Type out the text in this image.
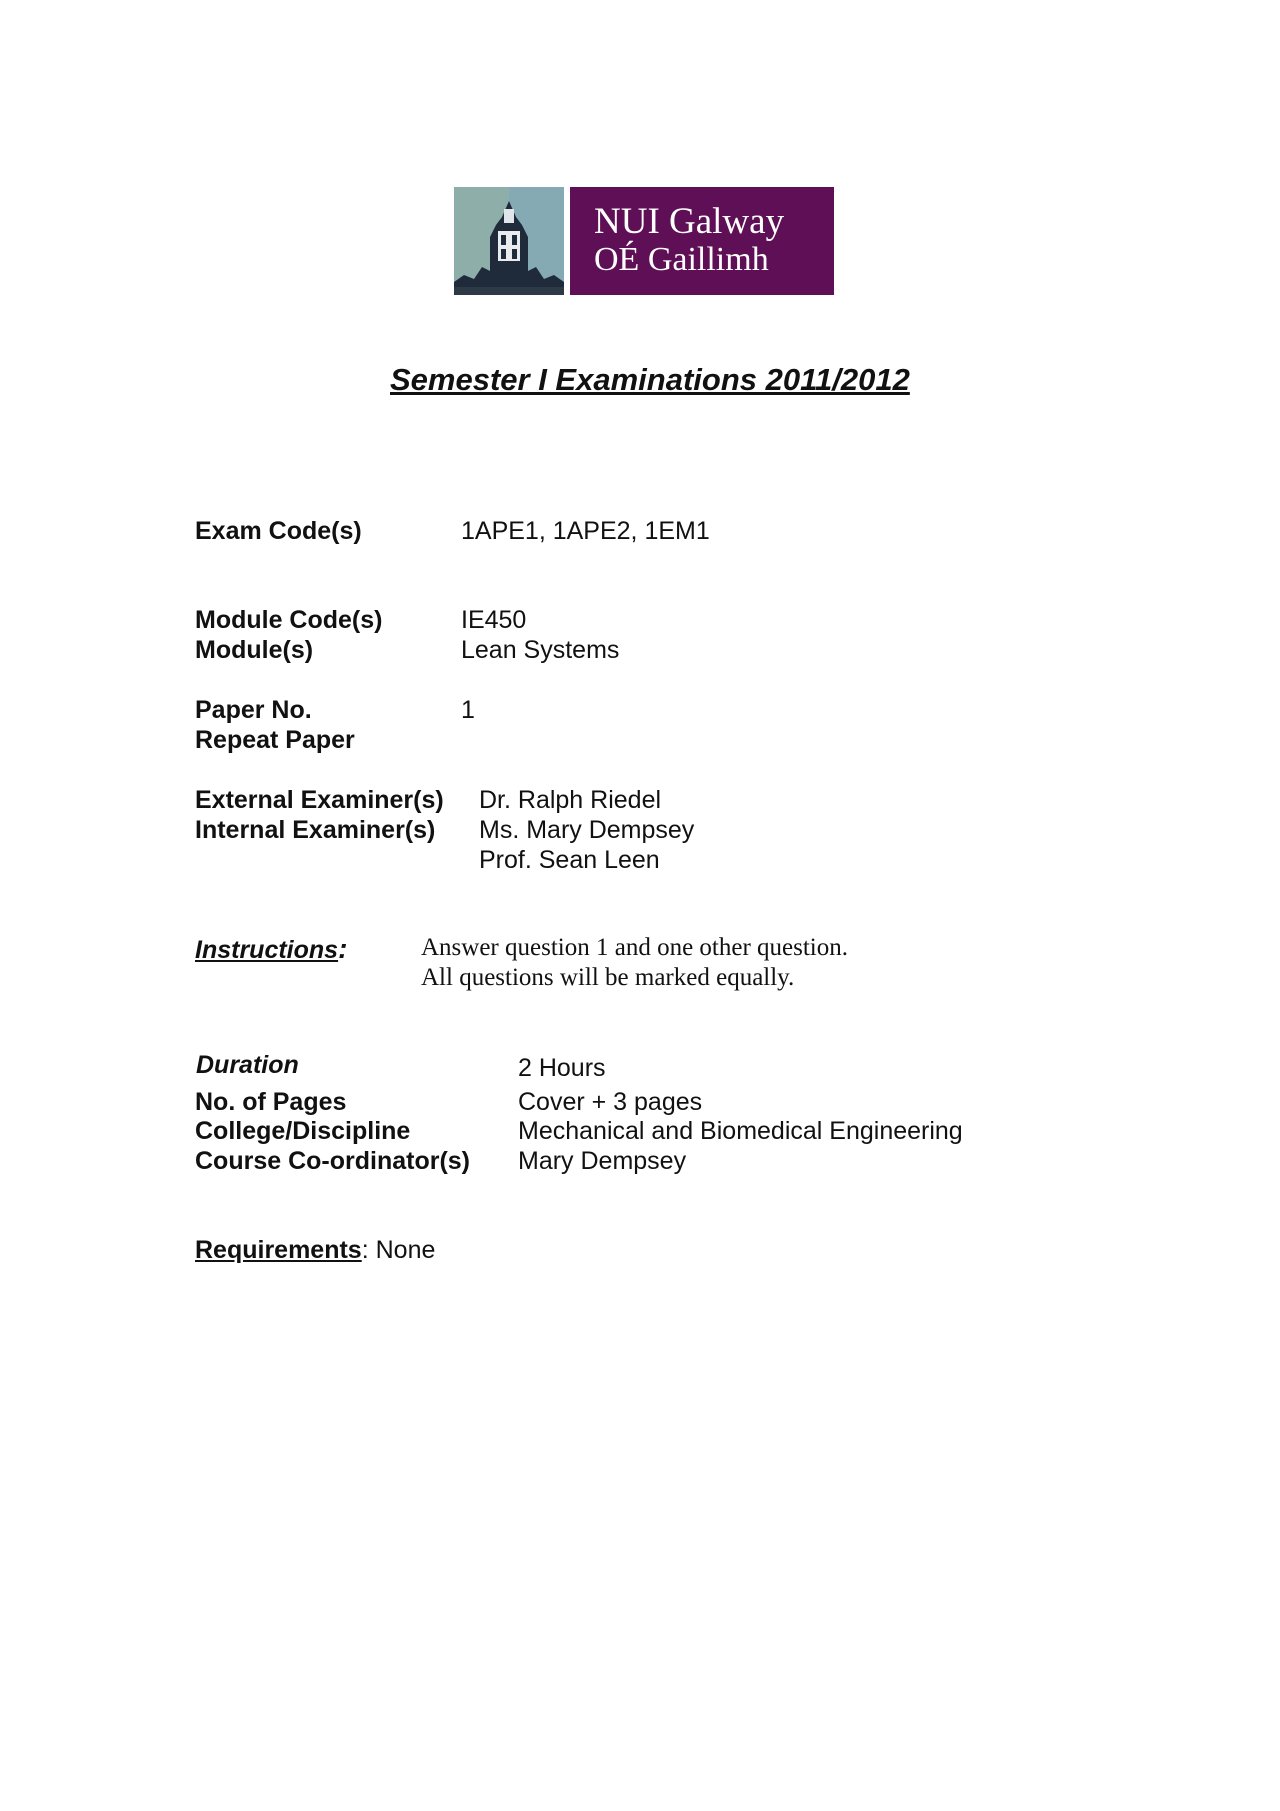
NUI Galway
OÉ Gaillimh
Semester I Examinations 2011/2012
Exam Code(s)	1APE1, 1APE2, 1EM1
Module Code(s)	IE450
Module(s)	Lean Systems
Paper No.	1
Repeat Paper
External Examiner(s) Dr. Ralph Riedel
Internal Examiner(s) Ms. Mary Dempsey
Prof. Sean Leen
Instructions:	Answer question 1 and one other question.
All questions will be marked equally.
Duration	2 Hours
No. of Pages	Cover + 3 pages
College/Discipline	Mechanical and Biomedical Engineering
Course Co-ordinator(s) Mary Dempsey
Requirements: None
